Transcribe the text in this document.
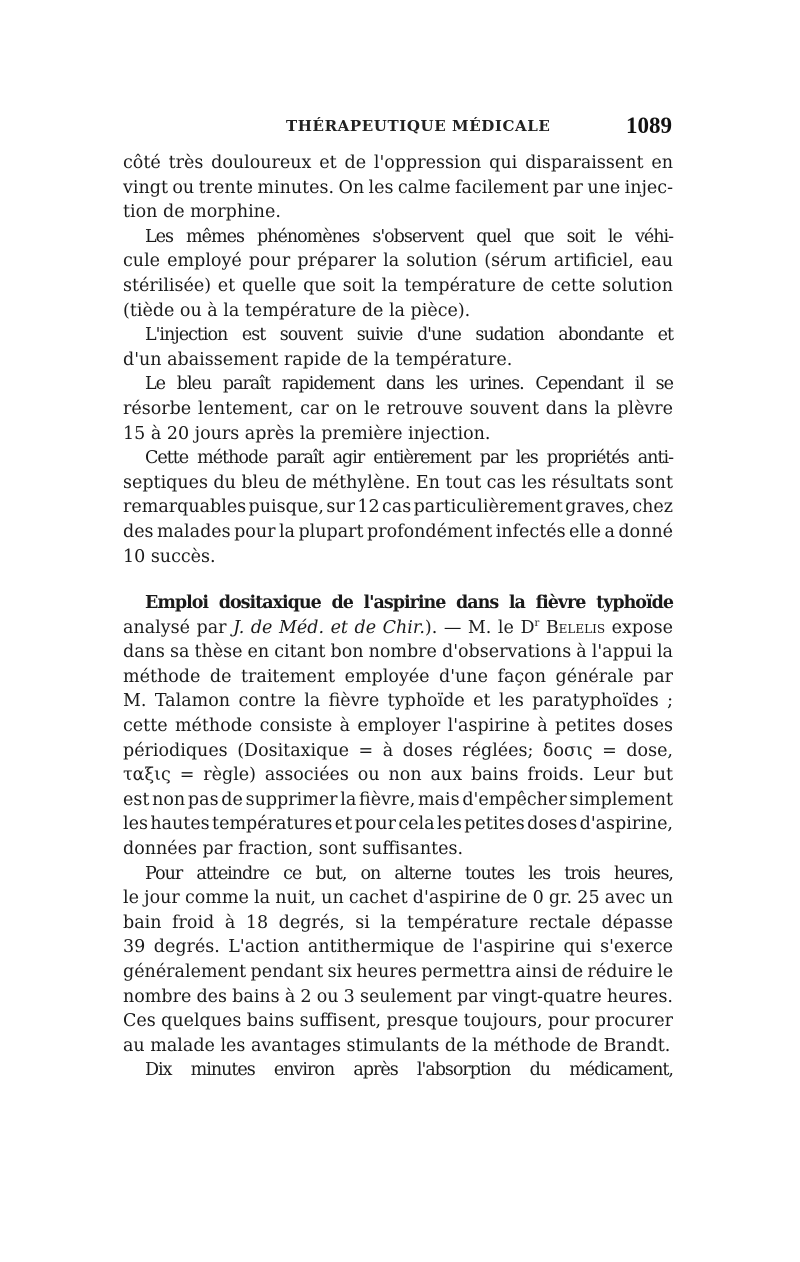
THÉRAPEUTIQUE MÉDICALE	1089

côté très douloureux et de l'oppression qui disparaissent en
vingt ou trente minutes. On les calme facilement par une injec-
tion de morphine.

Les mêmes phénomènes s'observent quel que soit le véhi-
cule employé pour préparer la solution (sérum artificiel, eau
stérilisée) et quelle que soit la température de cette solution
(tiède ou à la température de la pièce).

L'injection est souvent suivie d'une sudation abondante et
d'un abaissement rapide de la température.

Le bleu paraît rapidement dans les urines. Cependant il se
résorbe lentement, car on le retrouve souvent dans la plèvre
15 à 20 jours après la première injection.

Cette méthode paraît agir entièrement par les propriétés anti-
septiques du bleu de méthylène. En tout cas les résultats sont
remarquables puisque, sur 12 cas particulièrement graves, chez
des malades pour la plupart profondément infectés elle a donné
10 succès.

Emploi dositaxique de l'aspirine dans la fièvre typhoïde
analysé par J. de Méd. et de Chir.). — M. le $D^r$ Belelis expose
dans sa thèse en citant bon nombre d'observations à l'appui la
méthode de traitement employée d'une façon générale par
M. Talamon contre la fièvre typhoïde et les paratyphoïdes ;
cette méthode consiste à employer l'aspirine à petites doses
périodiques (Dositaxique = à doses réglées; δοσις = dose,
ταξις = règle) associées ou non aux bains froids. Leur but
est non pas de supprimer la fièvre, mais d'empêcher simplement
les hautes températures et pour cela les petites doses d'aspirine,
données par fraction, sont suffisantes.

Pour atteindre ce but, on alterne toutes les trois heures,
le jour comme la nuit, un cachet d'aspirine de 0 gr. 25 avec un
bain froid à 18 degrés, si la température rectale dépasse
39 degrés. L'action antithermique de l'aspirine qui s'exerce
généralement pendant six heures permettra ainsi de réduire le
nombre des bains à 2 ou 3 seulement par vingt-quatre heures.
Ces quelques bains suffisent, presque toujours, pour procurer
au malade les avantages stimulants de la méthode de Brandt.

Dix minutes environ après l'absorption du médicament,
